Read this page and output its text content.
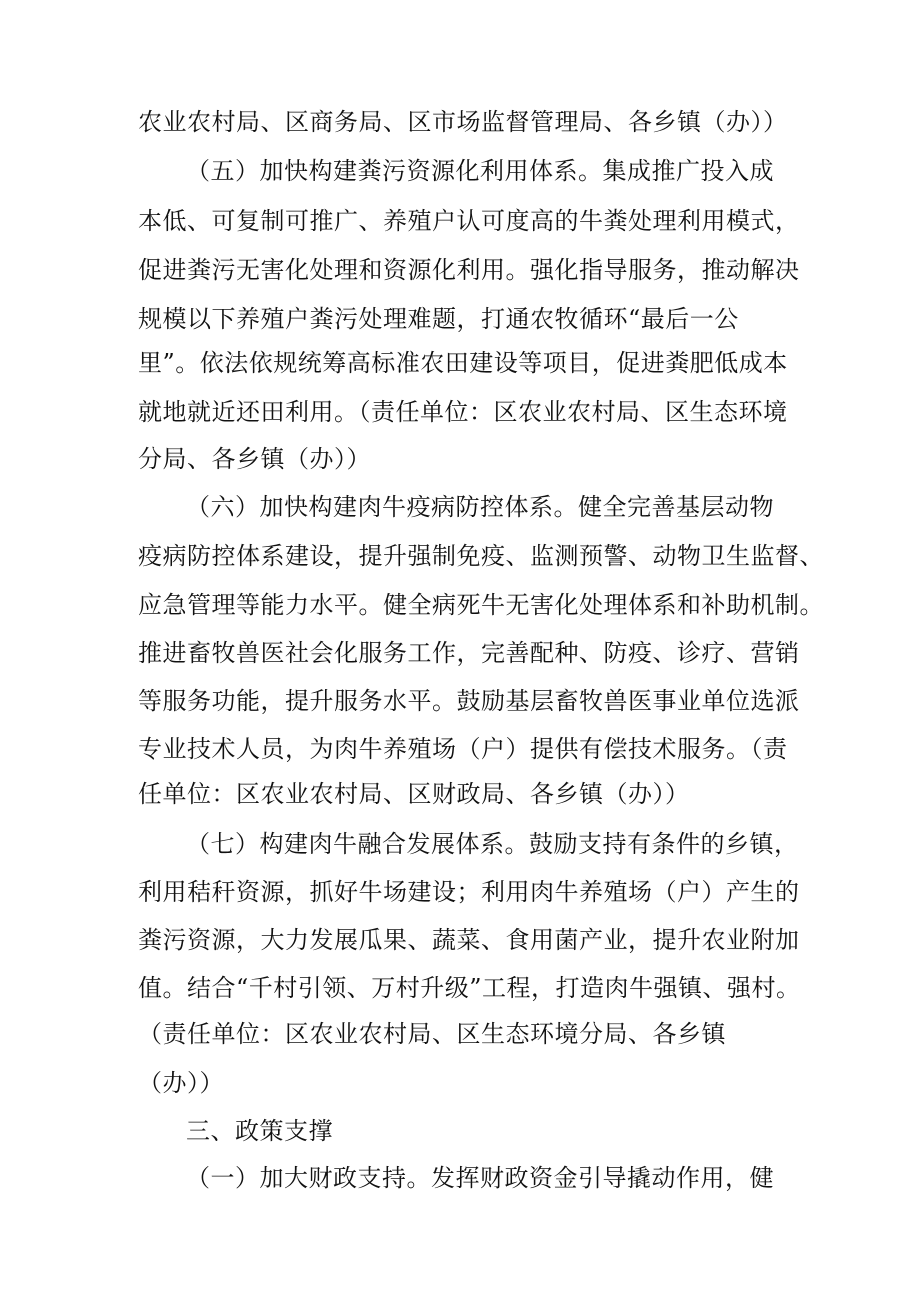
农业农村局、区商务局、区市场监督管理局、各乡镇（办））
（五）加快构建粪污资源化利用体系。集成推广投入成
本低、可复制可推广、养殖户认可度高的牛粪处理利用模式，
促进粪污无害化处理和资源化利用。强化指导服务，推动解决
规模以下养殖户粪污处理难题，打通农牧循环“最后一公
里”。依法依规统筹高标准农田建设等项目，促进粪肥低成本
就地就近还田利用。（责任单位：区农业农村局、区生态环境
分局、各乡镇（办））
（六）加快构建肉牛疫病防控体系。健全完善基层动物
疫病防控体系建设，提升强制免疫、监测预警、动物卫生监督、
应急管理等能力水平。健全病死牛无害化处理体系和补助机制。
推进畜牧兽医社会化服务工作，完善配种、防疫、诊疗、营销
等服务功能，提升服务水平。鼓励基层畜牧兽医事业单位选派
专业技术人员，为肉牛养殖场（户）提供有偿技术服务。（责
任单位：区农业农村局、区财政局、各乡镇（办））
（七）构建肉牛融合发展体系。鼓励支持有条件的乡镇，
利用秸秆资源，抓好牛场建设；利用肉牛养殖场（户）产生的
粪污资源，大力发展瓜果、蔬菜、食用菌产业，提升农业附加
值。结合“千村引领、万村升级”工程，打造肉牛强镇、强村。
（责任单位：区农业农村局、区生态环境分局、各乡镇
（办））
三、政策支撑
（一）加大财政支持。发挥财政资金引导撬动作用，健
